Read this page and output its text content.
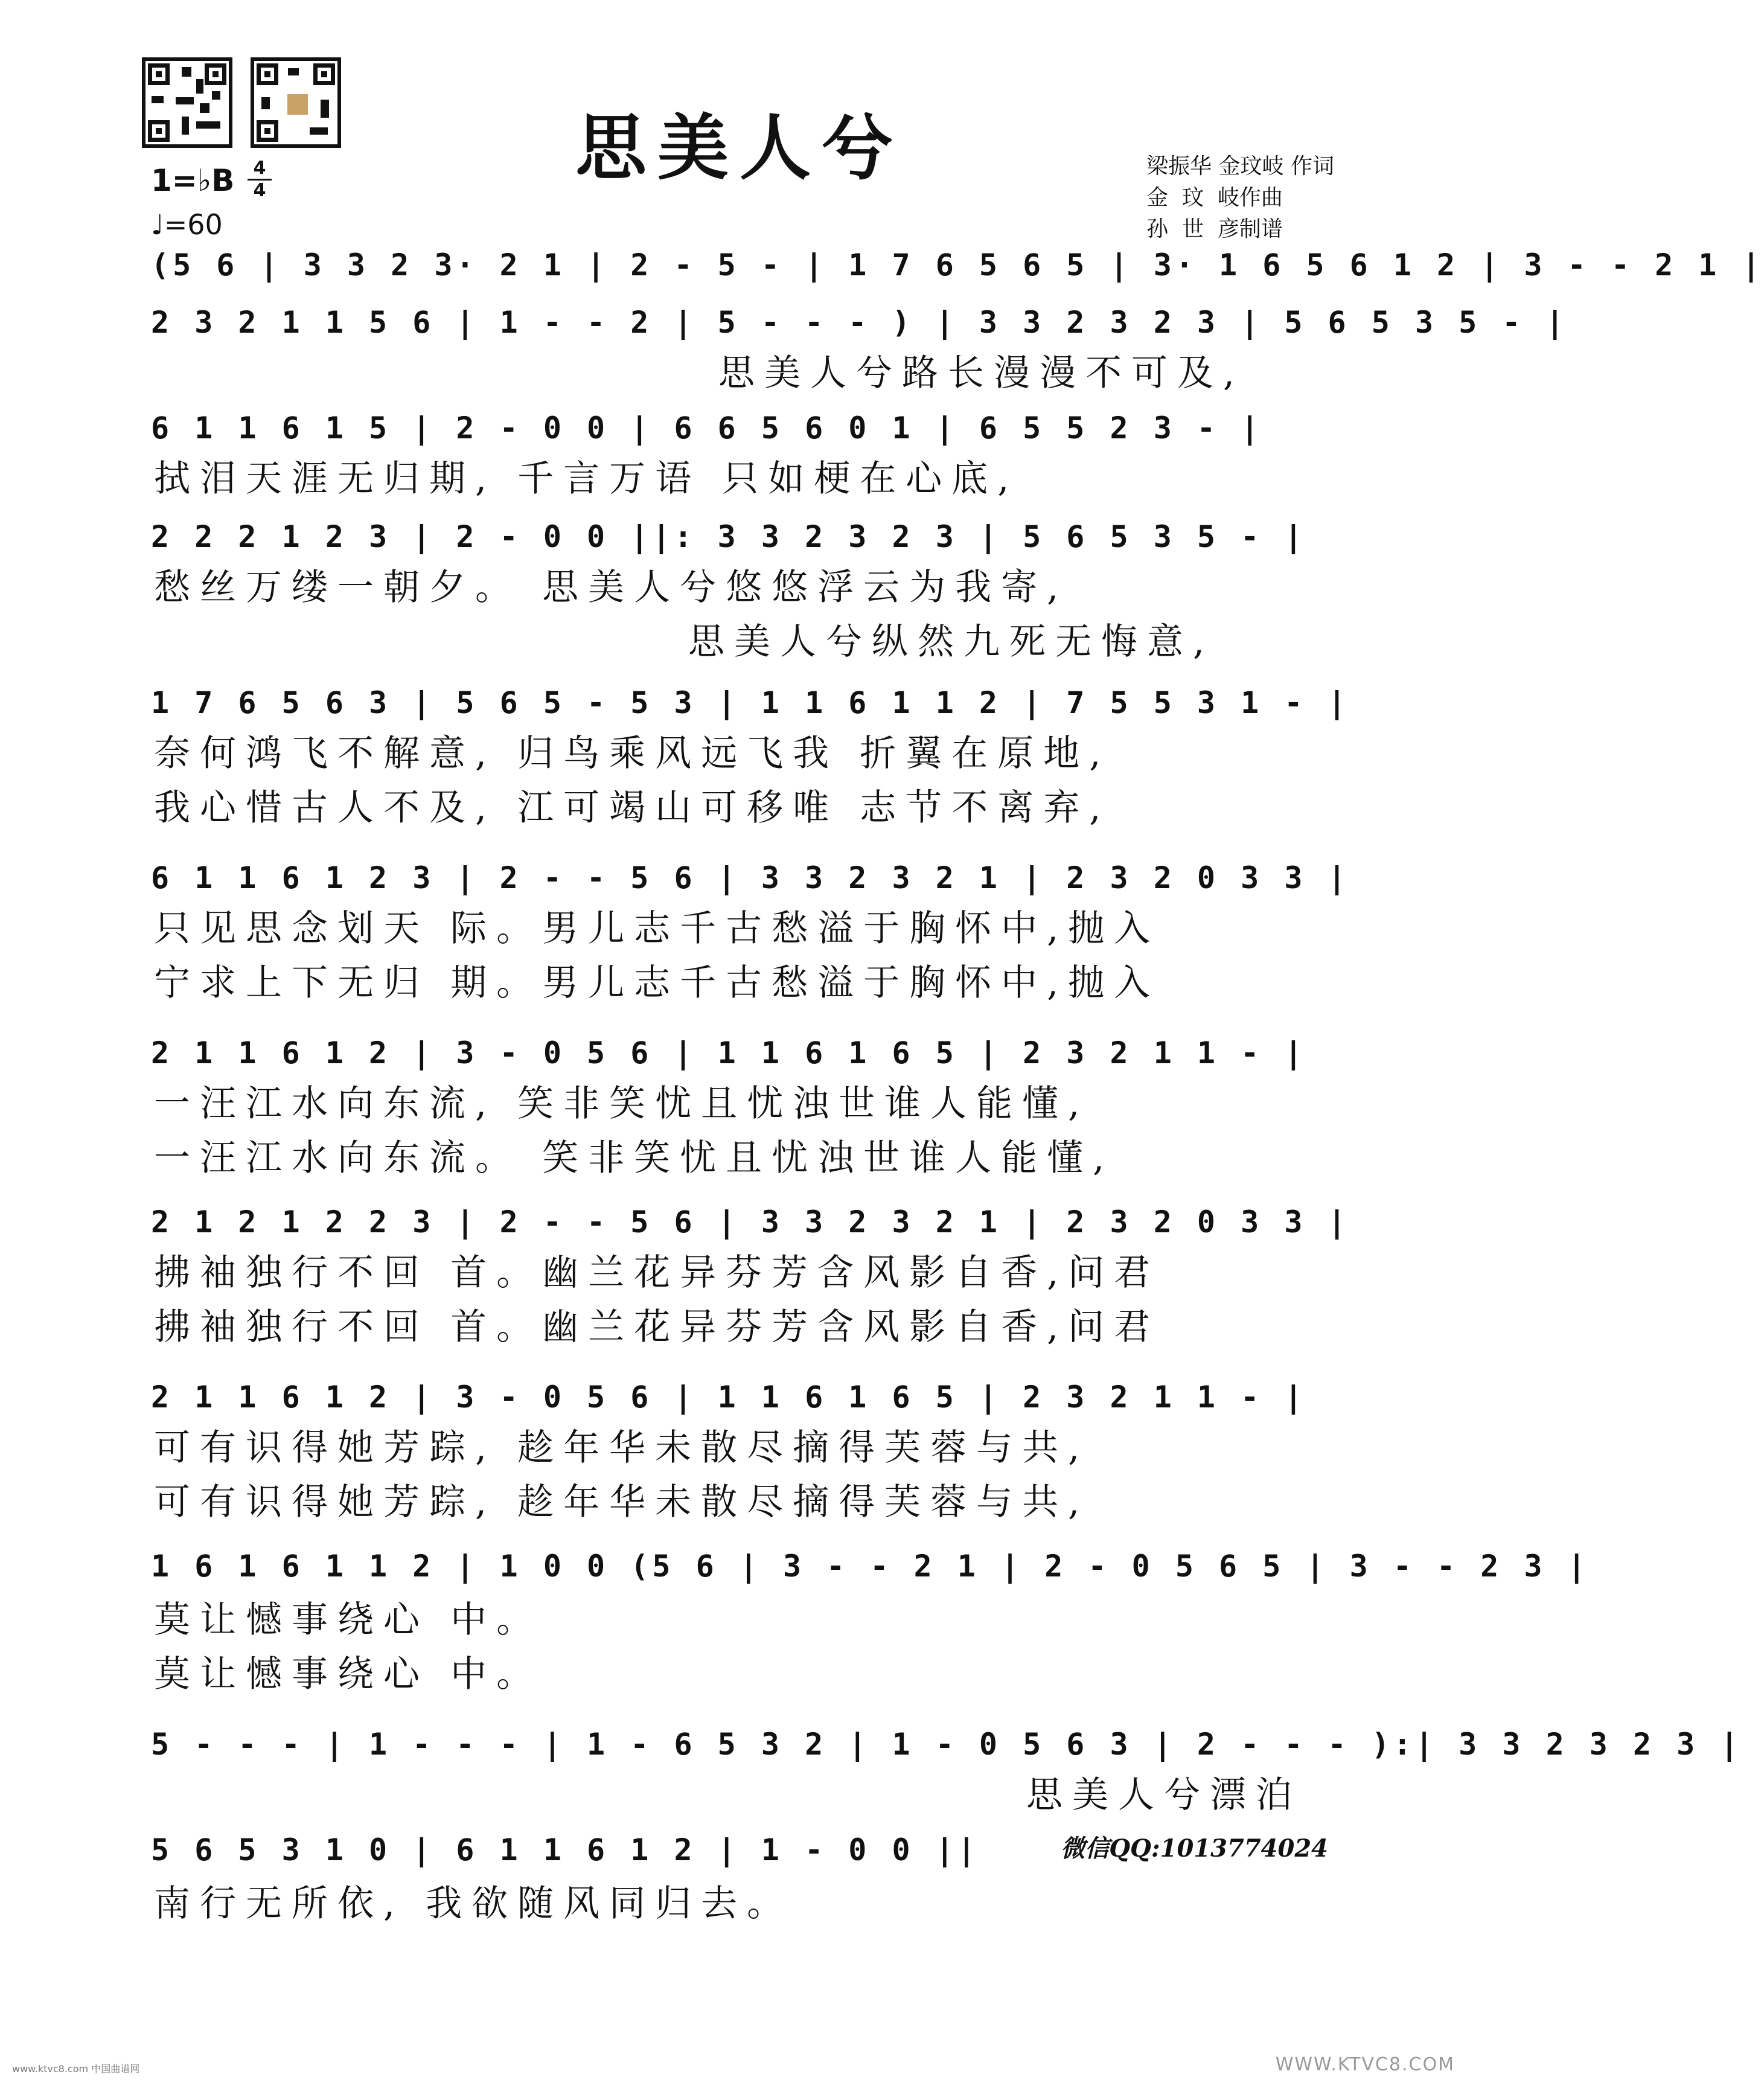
思美人兮	梁振华 金玟岐 作词
金  玟  岐作曲
孙  世  彦制谱
1=♭B $\frac{4}{4}$
♩=60
(5 6 | 3 3 2 3· 2 1 | 2 - 5 - | 1 7 6 5 6 5 | 3· 1 6 5 6 1 2 | 3 - - 2 1 |
2 3 2 1 1 5 6 | 1 - - 2 | 5 - - - ) | 3 3 2 3 2 3 | 5 6 5 3 5 - |
6 1 1 6 1 5 | 2 - 0 0 | 6 6 5 6 0 1 | 6 5 5 2 3 - |
2 2 2 1 2 3 | 2 - 0 0 ||: 3 3 2 3 2 3 | 5 6 5 3 5 - |
1 7 6 5 6 3 | 5 6 5 - 5 3 | 1 1 6 1 1 2 | 7 5 5 3 1 - |
6 1 1 6 1 2 3 | 2 - - 5 6 | 3 3 2 3 2 1 | 2 3 2 0 3 3 |
2 1 1 6 1 2 | 3 - 0 5 6 | 1 1 6 1 6 5 | 2 3 2 1 1 - |
2 1 2 1 2 2 3 | 2 - - 5 6 | 3 3 2 3 2 1 | 2 3 2 0 3 3 |
2 1 1 6 1 2 | 3 - 0 5 6 | 1 1 6 1 6 5 | 2 3 2 1 1 - |
1 6 1 6 1 1 2 | 1 0 0 (5 6 | 3 - - 2 1 | 2 - 0 5 6 5 | 3 - - 2 3 |
5 - - - | 1 - - - | 1 - 6 5 3 2 | 1 - 0 5 6 3 | 2 - - - ):| 3 3 2 3 2 3 |
5 6 5 3 1 0 | 6 1 1 6 1 2 | 1 - 0 0 ||
思美人兮路长漫漫不可及,
拭泪天涯无归期, 千言万语 只如梗在心底,
愁丝万缕一朝夕。 思美人兮悠悠浮云为我寄,
思美人兮纵然九死无悔意,
奈何鸿飞不解意, 归鸟乘风远飞我 折翼在原地,
我心惜古人不及, 江可竭山可移唯 志节不离弃,
只见思念划天 际。男儿志千古愁溢于胸怀中,抛入
宁求上下无归 期。男儿志千古愁溢于胸怀中,抛入
一汪江水向东流, 笑非笑忧且忧浊世谁人能懂,
一汪江水向东流。 笑非笑忧且忧浊世谁人能懂,
拂袖独行不回 首。幽兰花异芬芳含风影自香,问君
拂袖独行不回 首。幽兰花异芬芳含风影自香,问君
可有识得她芳踪, 趁年华未散尽摘得芙蓉与共,
可有识得她芳踪, 趁年华未散尽摘得芙蓉与共,
莫让憾事绕心 中。
莫让憾事绕心 中。
思美人兮漂泊
南行无所依, 我欲随风同归去。
微信QQ:1013774024
www.ktvc8.com 中国曲谱网	WWW.KTVC8.COM
